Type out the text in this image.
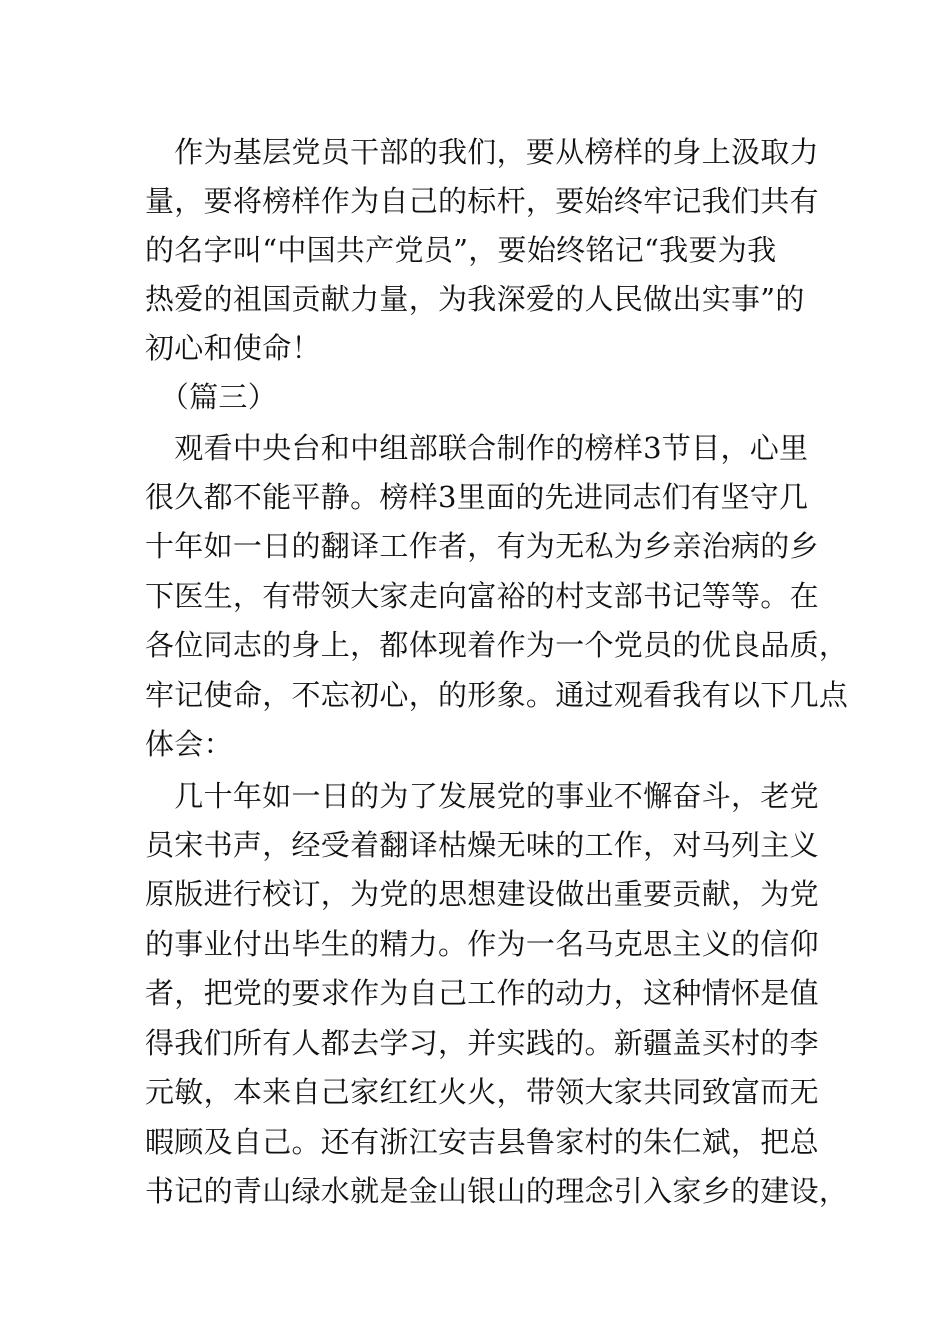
　作为基层党员干部的我们，要从榜样的身上汲取力
量，要将榜样作为自己的标杆，要始终牢记我们共有
的名字叫“中国共产党员”，要始终铭记“我要为我
热爱的祖国贡献力量，为我深爱的人民做出实事”的
初心和使命！
　（篇三）
　观看中央台和中组部联合制作的榜样3节目，心里
很久都不能平静。榜样3里面的先进同志们有坚守几
十年如一日的翻译工作者，有为无私为乡亲治病的乡
下医生，有带领大家走向富裕的村支部书记等等。在
各位同志的身上，都体现着作为一个党员的优良品质，
牢记使命，不忘初心，的形象。通过观看我有以下几点
体会：
　几十年如一日的为了发展党的事业不懈奋斗，老党
员宋书声，经受着翻译枯燥无味的工作，对马列主义
原版进行校订，为党的思想建设做出重要贡献，为党
的事业付出毕生的精力。作为一名马克思主义的信仰
者，把党的要求作为自己工作的动力，这种情怀是值
得我们所有人都去学习，并实践的。新疆盖买村的李
元敏，本来自己家红红火火，带领大家共同致富而无
暇顾及自己。还有浙江安吉县鲁家村的朱仁斌，把总
书记的青山绿水就是金山银山的理念引入家乡的建设，
